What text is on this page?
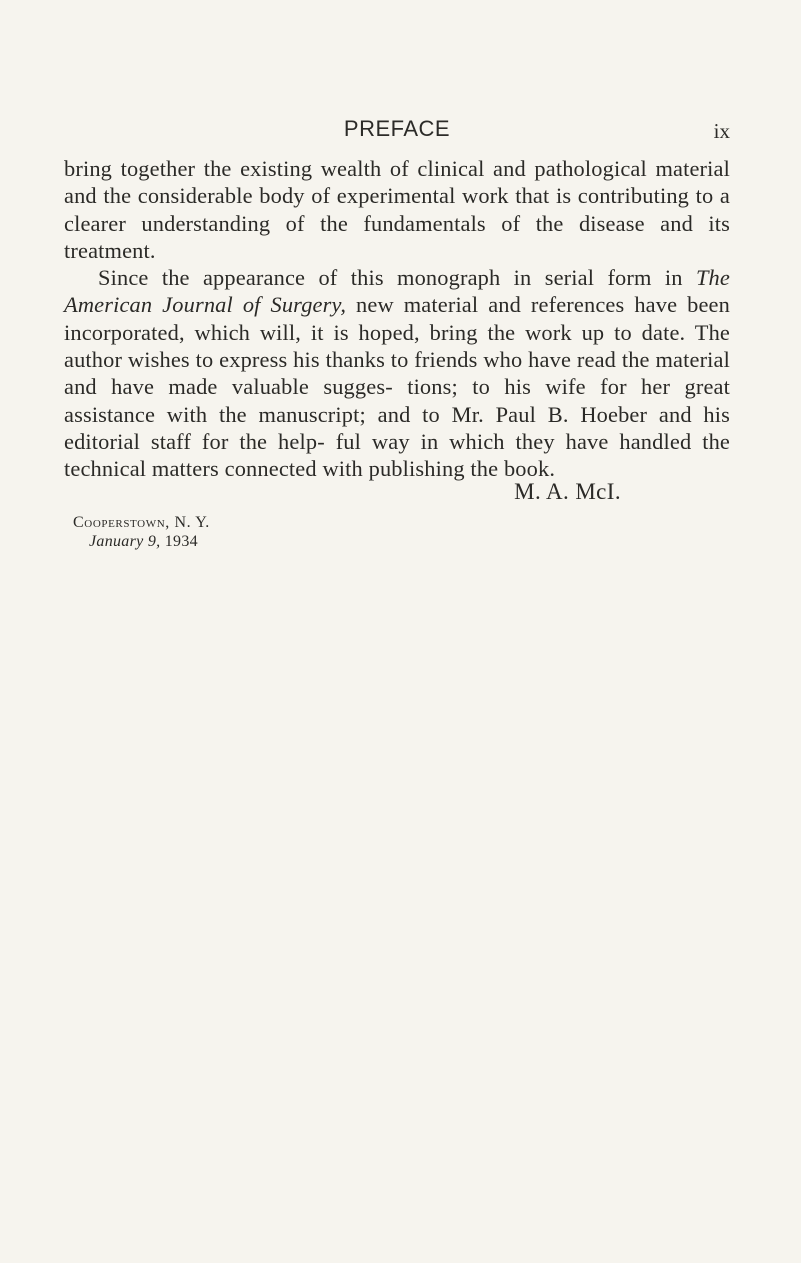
PREFACE	ix

bring together the existing wealth of clinical and pathological material and the considerable body of experimental work that is contributing to a clearer understanding of the fundamentals of the disease and its treatment.

Since the appearance of this monograph in serial form in The American Journal of Surgery, new material and references have been incorporated, which will, it is hoped, bring the work up to date. The author wishes to express his thanks to friends who have read the material and have made valuable sugges- tions; to his wife for her great assistance with the manuscript; and to Mr. Paul B. Hoeber and his editorial staff for the help- ful way in which they have handled the technical matters connected with publishing the book.

M. A. McI.
Cooperstown, N. Y.
January 9, 1934
